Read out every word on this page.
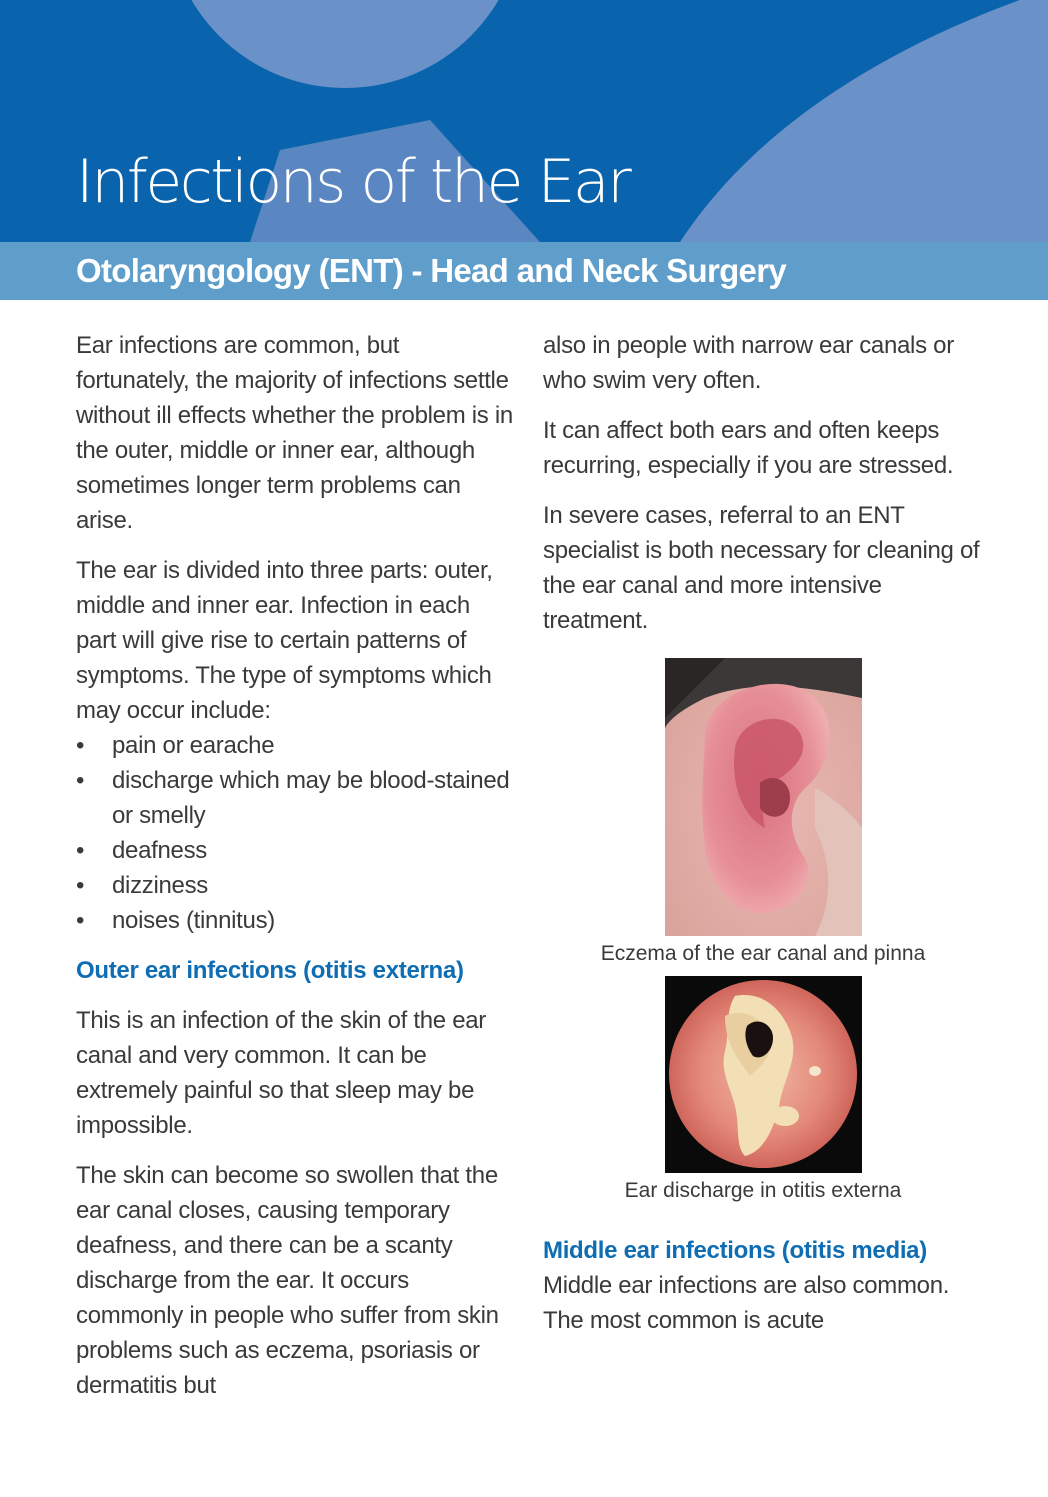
Infections of the Ear
Otolaryngology (ENT) - Head and Neck Surgery

Ear infections are common, but fortunately, the majority of infections settle without ill effects whether the problem is in the outer, middle or inner ear, although sometimes longer term problems can arise.

The ear is divided into three parts: outer, middle and inner ear. Infection in each part will give rise to certain patterns of symptoms. The type of symptoms which may occur include:

• pain or earache
• discharge which may be blood-stained or smelly
• deafness
• dizziness
• noises (tinnitus)
Outer ear infections (otitis externa)

This is an infection of the skin of the ear canal and very common. It can be extremely painful so that sleep may be impossible.

The skin can become so swollen that the ear canal closes, causing temporary deafness, and there can be a scanty discharge from the ear. It occurs commonly in people who suffer from skin problems such as eczema, psoriasis or dermatitis but

also in people with narrow ear canals or who swim very often.

It can affect both ears and often keeps recurring, especially if you are stressed.

In severe cases, referral to an ENT specialist is both necessary for cleaning of the ear canal and more intensive treatment.

Eczema of the ear canal and pinna
Ear discharge in otitis externa
Middle ear infections (otitis media)

Middle ear infections are also common. The most common is acute
